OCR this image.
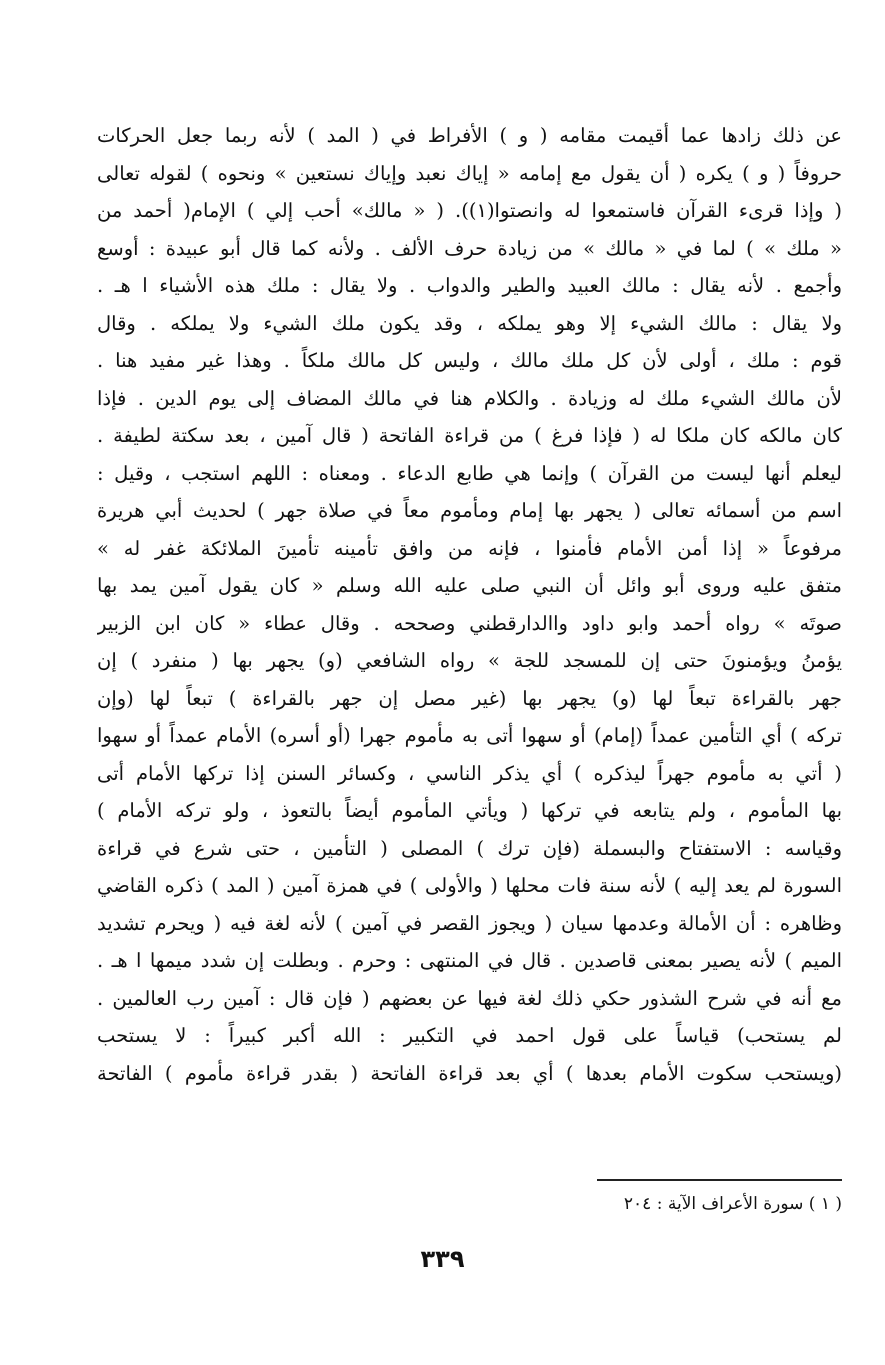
عن ذلك زادها عما أقيمت مقامه ( و ) الأفراط في ( المد ) لأنه ربما جعل الحركات
حروفاً ( و ) يكره ( أن يقول مع إمامه « إياك نعبد وإياك نستعين » ونحوه ) لقوله تعالى
( وإذا قرىء القرآن فاستمعوا له وانصتوا(١)). ( « مالك» أحب إلي ) الإمام( أحمد من
« ملك » ) لما في « مالك » من زيادة حرف الألف . ولأنه كما قال أبو عبيدة : أوسع
وأجمع . لأنه يقال : مالك العبيد والطير والدواب . ولا يقال : ملك هذه الأشياء ا هـ .
ولا يقال : مالك الشيء إلا وهو يملكه ، وقد يكون ملك الشيء ولا يملكه . وقال
قوم : ملك ، أولى لأن كل ملك مالك ، وليس كل مالك ملكاً . وهذا غير مفيد هنا .
لأن مالك الشيء ملك له وزيادة . والكلام هنا في مالك المضاف إلى يوم الدين . فإذا
كان مالكه كان ملكا له ( فإذا فرغ ) من قراءة الفاتحة ( قال آمين ، بعد سكتة لطيفة .
ليعلم أنها ليست من القرآن ) وإنما هي طابع الدعاء . ومعناه : اللهم استجب ، وقيل :
اسم من أسمائه تعالى ( يجهر بها إمام ومأموم معاً في صلاة جهر ) لحديث أبي هريرة
مرفوعاً « إذا أمن الأمام فأمنوا ، فإنه من وافق تأمينه تأمينَ الملائكة غفر له »
متفق عليه وروى أبو وائل أن النبي صلى عليه الله وسلم « كان يقول آمين يمد بها
صوتَه » رواه أحمد وابو داود واالدارقطني وصححه . وقال عطاء « كان ابن الزبير
يؤمنُ ويؤمنونَ حتى إن للمسجد للجة » رواه الشافعي (و) يجهر بها ( منفرد ) إن
جهر بالقراءة تبعاً لها (و) يجهر بها (غير مصل إن جهر بالقراءة ) تبعاً لها (وإن
تركه ) أي التأمين عمداً (إمام) أو سهوا أتى به مأموم جهرا (أو أسره) الأمام عمداً أو سهوا
( أتي به مأموم جهراً ليذكره ) أي يذكر الناسي ، وكسائر السنن إذا تركها الأمام أتى
بها المأموم ، ولم يتابعه في تركها ( ويأتي المأموم أيضاً بالتعوذ ، ولو تركه الأمام )
وقياسه : الاستفتاح والبسملة (فإن ترك ) المصلى ( التأمين ، حتى شرع في قراءة
السورة لم يعد إليه ) لأنه سنة فات محلها ( والأولى ) في همزة آمين ( المد ) ذكره القاضي
وظاهره : أن الأمالة وعدمها سيان ( ويجوز القصر في آمين ) لأنه لغة فيه ( ويحرم تشديد
الميم ) لأنه يصير بمعنى قاصدين . قال في المنتهى : وحرم . وبطلت إن شدد ميمها ا هـ .
مع أنه في شرح الشذور حكي ذلك لغة فيها عن بعضهم ( فإن قال : آمين رب العالمين .
لم يستحب) قياساً على قول احمد في التكبير : الله أكبر كبيراً : لا يستحب
(ويستحب سكوت الأمام بعدها ) أي بعد قراءة الفاتحة ( بقدر قراءة مأموم ) الفاتحة
( ١ ) سورة الأعراف الآية : ٢٠٤
٣٣٩
